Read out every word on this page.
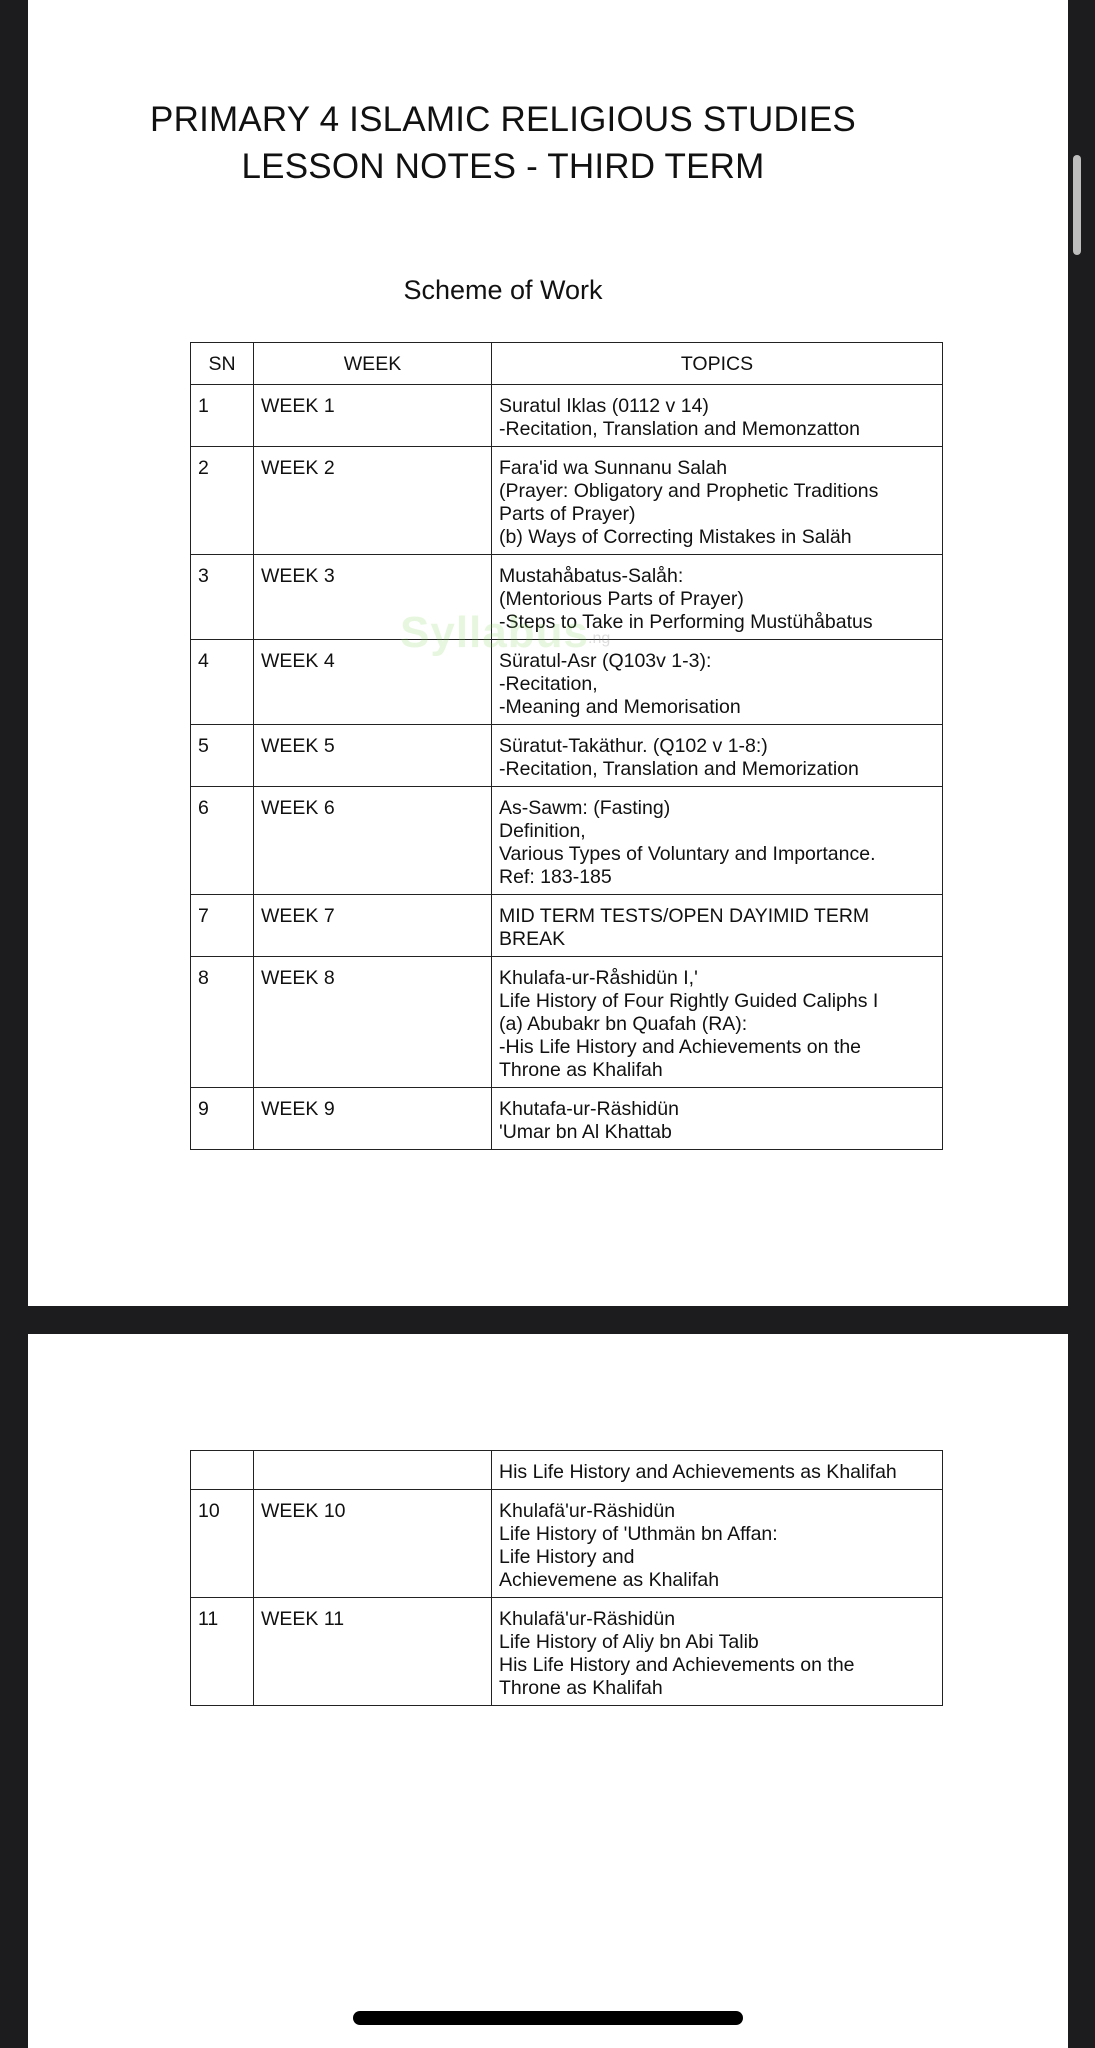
PRIMARY 4 ISLAMIC RELIGIOUS STUDIES
LESSON NOTES - THIRD TERM
Scheme of Work
SN	WEEK	TOPICS
1	WEEK 1	Suratul Iklas (0112 v 14)
-Recitation, Translation and Memonzatton

2	WEEK 2	Fara'id wa Sunnanu Salah
(Prayer: Obligatory and Prophetic Traditions
Parts of Prayer)
(b) Ways of Correcting Mistakes in Saläh

3	WEEK 3	Mustahåbatus-Salåh:
(Mentorious Parts of Prayer)
-Steps to Take in Performing Mustühåbatus

4	WEEK 4	Süratul-Asr (Q103v 1-3):
-Recitation,
-Meaning and Memorisation

5	WEEK 5	Süratut-Takäthur. (Q102 v 1-8:)
-Recitation, Translation and Memorization

6	WEEK 6	As-Sawm: (Fasting)
Definition,
Various Types of Voluntary and Importance.
Ref: 183-185

7	WEEK 7	MID TERM TESTS/OPEN DAYIMID TERM
BREAK

8	WEEK 8	Khulafa-ur-Råshidün I,'
Life History of Four Rightly Guided Caliphs I
(a) Abubakr bn Quafah (RA):
-His Life History and Achievements on the
Throne as Khalifah

9	WEEK 9	Khutafa-ur-Räshidün
'Umar bn Al Khattab
Syllabus .ng

		His Life History and Achievements as Khalifah

10	WEEK 10	Khulafä'ur-Räshidün
Life History of 'Uthmän bn Affan:
Life History and
Achievemene as Khalifah

11	WEEK 11	Khulafä'ur-Räshidün
Life History of Aliy bn Abi Talib
His Life History and Achievements on the
Throne as Khalifah
